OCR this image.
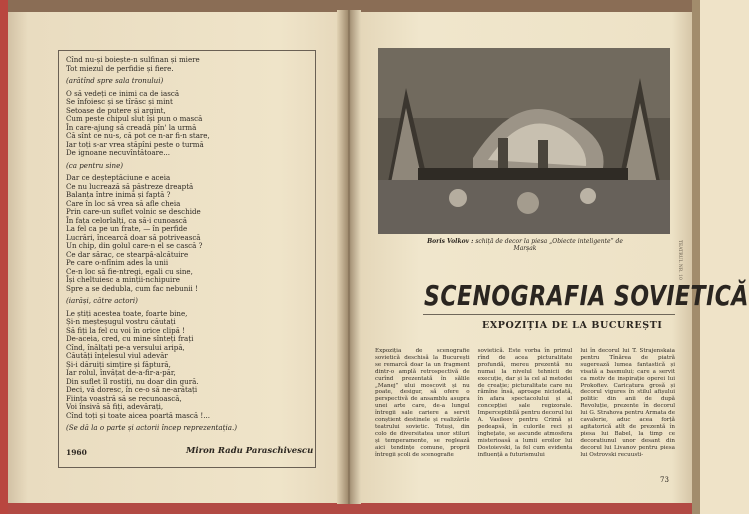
Cînd nu-și boiește-n sulfinan și miere
Tot miezul de perfidie și fiere.
(arătînd spre sala tronului)
O să vedeți ce inimi ca de iască
Se înfoiesc și se tîrăsc și mint
Setoase de putere și argint,
Cum peste chipul slut își pun o mască
În care-ajung să creadă pîn' la urmă
Că sînt ce nu-s, că pot ce n-ar fi-n stare,
Iar toți s-ar vrea stăpîni peste o turmă
De ignoane necuvîntătoare...
(ca pentru sine)
Dar ce deșteptăciune e aceia
Ce nu lucrează să păstreze dreaptă
Balanța între inimă și faptă ?
Care în loc să vrea să afle cheia
Prin care-un suflet volnic se deschide
În fața celorlalți, ca să-i cunoască
La fel ca pe un frate, — în perfide
Lucrări, încearcă doar să potrivească
Un chip, din golul care-n el se cască ?
Ce dar sărac, ce stearpă-alcătuire
Pe care o-nfînim ades la unii
Ce-n loc să fie-ntregi, egali cu sine,
Își cheltuiesc a minții-nchipuire
Spre a se dedubla, cum fac nebunii !
(iarăși, către actori)
Le știți acestea toate, foarte bine,
Și-n meșteșugul vostru căutați
Să fiți la fel cu voi în orice clipă !
De-aceia, cred, cu mine sînteți frați
Cînd, înălțați pe-a versului aripă,
Căutăți înțelesul viul adevăr
Și-i dăruiți simțire și făptură,
Iar rolul, învățat de-a-fir-a-păr,
Din suflet îl rostiți, nu doar din gură.
Deci, vă doresc, în ce-o să ne-arătați
Ființa voastră să se recunoască,
Voi însivă să fiți, adevărați,
Cînd toți și toate aiceа poartă mască !...
(Se dă la o parte și actorii încep reprezentația.)
1960	Miron Radu Paraschivescu
Boris Volkov : schiță de decor la piesa „Obiecte inteligente” de Marșak
SCENOGRAFIA SOVIETICĂ
EXPOZIȚIA DE LA BUCUREȘTI
Expoziția de scenografie sovietică deschisă la București se remarcă doar la un fragment dintr-o amplă retrospectivă de curînd prezentată în sălile „Manej” ului moscovit și nu poate, desigur, să ofere o perspectivă de ansamblu asupra unei arte care, de-a lungul întregii sale cariere a servit conștient destinele și realizările teatrului sovietic. Totuși, din colo de diversitatea unor stiluri și temperamente, se reglează aici tendințe comune, proprii întregii școli de scenografie
sovietică. Este vorba în primul rînd de acea picturalitate profundă, mereu prezentă nu numai la nivelul tehnicii de execuție, dar și la cel al metodei de creație; picturalitate care nu rămîne însă, aproape niciodată, în afara spectacolului și al concepției sale regizorale. Imperceptibilă pentru decorul lui A. Vasileev pentru Crimă și pedeapsă, în culorile reci și înghețate, se ascunde atmosfera misterioasă a lumii eroilor lui Dostoievski, la fel cum evidenta influență a futurismului
lui în decorul lui T. Strajenskaia pentru Tînărea de piatră sugerează lumea fantastică și visată a basmului; care a servit ca motiv de inspirație operei lui Prokofiev. Caricatura grosă și decorul vigures în stilul afișului politic din anii de după Revoluție, prezente în decorul lui G. Strahova pentru Armata de cavalerie, aduc acea forță agitatorică atît de prezentă în piesa lui Babel, la timp ce decoratiunul unor desant din decorul lui Livanov pentru piesa lui Ostrovski recuusti-
73
TEATRUL NR. 10
